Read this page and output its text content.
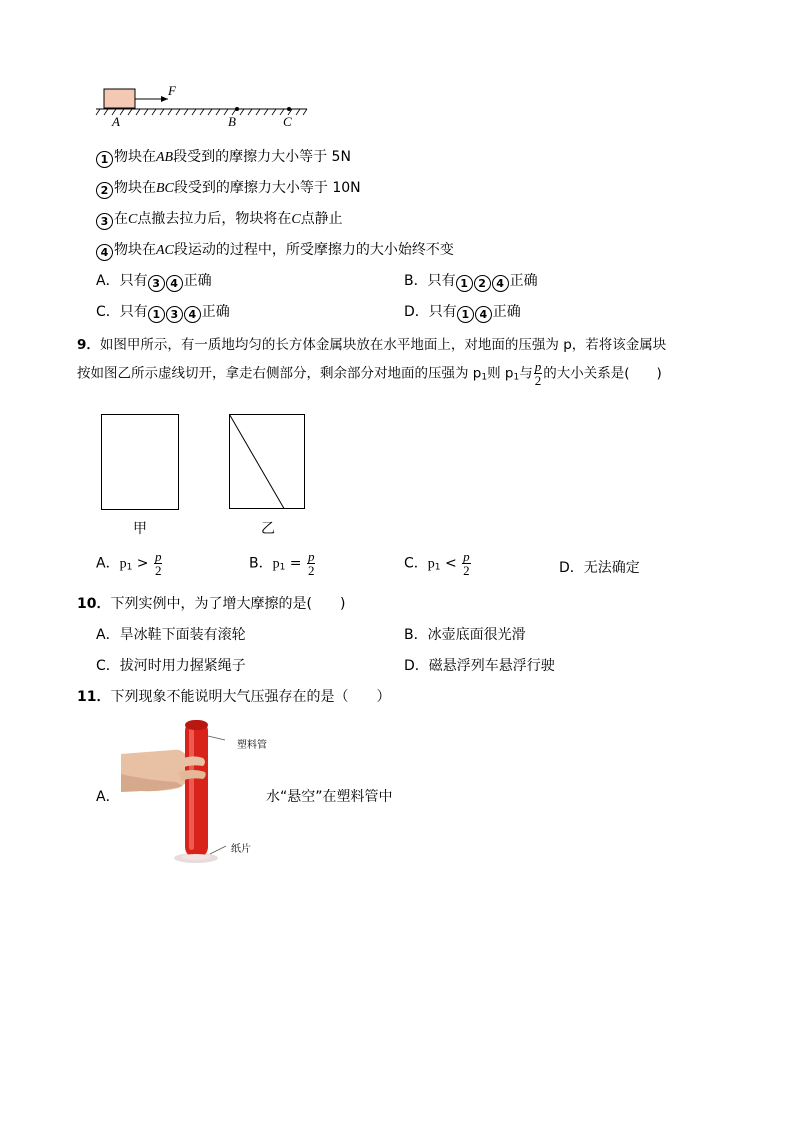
F
A	B	C
1 物块在AB段受到的摩擦力大小等于 5N
2 物块在BC段受到的摩擦力大小等于 10N
3 在C点撤去拉力后，物块将在C点静止
4 物块在AC段运动的过程中，所受摩擦力的大小始终不变
A．只有 3 4 正确	B．只有 1 2 4 正确
C．只有 1 3 4 正确	D．只有 1 4 正确
9．如图甲所示，有一质地均匀的长方体金属块放在水平地面上，对地面的压强为 p，若将该金属块
按如图乙所示虚线切开，拿走右侧部分，剩余部分对地面的压强为 $p_1$则 $p_1$与 $\frac{p}{2}$ 的大小关系是(　　)
甲	乙
A．$p_1 > \frac{p}{2}$	B．$p_1 = \frac{p}{2}$	C．$p_1 < \frac{p}{2}$	D．无法确定
10．下列实例中，为了增大摩擦的是(　　)
A．旱冰鞋下面装有滚轮	B．冰壶底面很光滑
C．拔河时用力握紧绳子	D．磁悬浮列车悬浮行驶
11．下列现象不能说明大气压强存在的是（　　）
A．
塑料管
纸片
水“悬空”在塑料管中
